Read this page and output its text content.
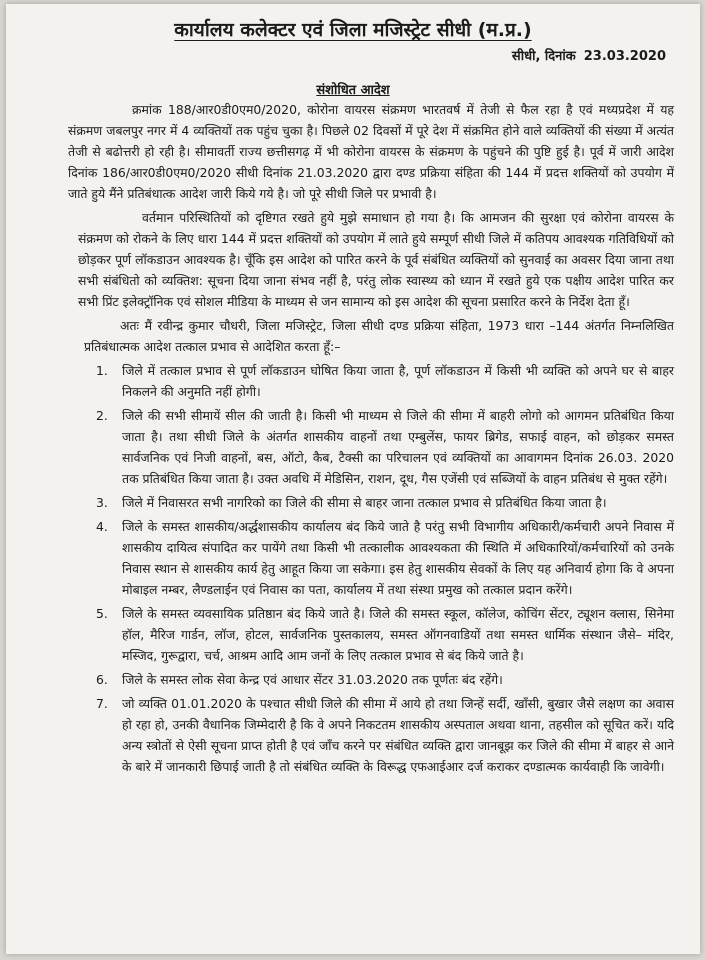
कार्यालय कलेक्टर एवं जिला मजिस्ट्रेट सीधी (म.प्र.)
सीधी, दिनांक 23.03.2020
संशोधित आदेश

क्रमांक 188/आर0डी0एम0/2020, कोरोना वायरस संक्रमण भारतवर्ष में तेजी से फैल रहा है एवं मध्यप्रदेश में यह संक्रमण जबलपुर नगर में 4 व्यक्तियों तक पहुंच चुका है। पिछले 02 दिवसों में पूरे देश में संक्रमित होने वाले व्यक्तियों की संख्या में अत्यंत तेजी से बढोत्तरी हो रही है। सीमावर्ती राज्य छत्तीसगढ़ में भी कोरोना वायरस के संक्रमण के पहुंचने की पुष्टि हुई है। पूर्व में जारी आदेश दिनांक 186/आर0डी0एम0/2020 सीधी दिनांक 21.03.2020 द्वारा दण्ड प्रक्रिया संहिता की 144 में प्रदत्त शक्तियों को उपयोग में जाते हुये मैंने प्रतिबंधात्क आदेश जारी किये गये है। जो पूरे सीधी जिले पर प्रभावी है।

वर्तमान परिस्थितियों को दृष्टिगत रखते हुये मुझे समाधान हो गया है। कि आमजन की सुरक्षा एवं कोरोना वायरस के संक्रमण को रोकने के लिए धारा 144 में प्रदत्त शक्तियों को उपयोग में लाते हुये सम्पूर्ण सीधी जिले में कतिपय आवश्यक गतिविधियों को छोड़कर पूर्ण लॉकडाउन आवश्यक है। चूँकि इस आदेश को पारित करने के पूर्व संबंधित व्यक्तियों को सुनवाई का अवसर दिया जाना तथा सभी संबंधितो को व्यक्तिश: सूचना दिया जाना संभव नहीं है, परंतु लोक स्वास्थ्य को ध्यान में रखते हुये एक पक्षीय आदेश पारित कर सभी प्रिंट इलेक्ट्रॉनिक एवं सोशल मीडिया के माध्यम से जन सामान्य को इस आदेश की सूचना प्रसारित करने के निर्देश देता हूँ।

अतः मैं रवीन्द्र कुमार चौधरी, जिला मजिस्ट्रेट, जिला सीधी दण्ड प्रक्रिया संहिता, 1973 धारा –144 अंतर्गत निम्नलिखित प्रतिबंधात्मक आदेश तत्काल प्रभाव से आदेशित करता हूँ:–

1. जिले में तत्काल प्रभाव से पूर्ण लॉकडाउन घोषित किया जाता है, पूर्ण लॉकडाउन में किसी भी व्यक्ति को अपने घर से बाहर निकलने की अनुमति नहीं होगी।
2. जिले की सभी सीमायें सील की जाती है। किसी भी माध्यम से जिले की सीमा में बाहरी लोगो को आगमन प्रतिबंधित किया जाता है। तथा सीधी जिले के अंतर्गत शासकीय वाहनों तथा एम्बुलेंस, फायर ब्रिगेड, सफाई वाहन, को छोड़कर समस्त सार्वजनिक एवं निजी वाहनों, बस, ऑटो, कैब, टैक्सी का परिचालन एवं व्यक्तियों का आवागमन दिनांक 26.03. 2020 तक प्रतिबंधित किया जाता है। उक्त अवधि में मेडिसिन, राशन, दूध, गैस एजेंसी एवं सब्जियों के वाहन प्रतिबंध से मुक्त रहेंगे।
3. जिले में निवासरत सभी नागरिको का जिले की सीमा से बाहर जाना तत्काल प्रभाव से प्रतिबंधित किया जाता है।
4. जिले के समस्त शासकीय/अर्द्धशासकीय कार्यालय बंद किये जाते है परंतु सभी विभागीय अधिकारी/कर्मचारी अपने निवास में शासकीय दायित्व संपादित कर पायेंगे तथा किसी भी तत्कालीक आवश्यकता की स्थिति में अधिकारियों/कर्मचारियों को उनके निवास स्थान से शासकीय कार्य हेतु आहूत किया जा सकेगा। इस हेतु शासकीय सेवकों के लिए यह अनिवार्य होगा कि वे अपना मोबाइल नम्बर, लैण्डलाईन एवं निवास का पता, कार्यालय में तथा संस्था प्रमुख को तत्काल प्रदान करेंगे।
5. जिले के समस्त व्यवसायिक प्रतिष्ठान बंद किये जाते है। जिले की समस्त स्कूल, कॉलेज, कोचिंग सेंटर, ट्यूशन क्लास, सिनेमा हॉल, मैरिज गार्डन, लॉज, होटल, सार्वजनिक पुस्तकालय, समस्त ऑगनवाडियों तथा समस्त धार्मिक संस्थान जैसे– मंदिर, मस्जिद, गुरूद्वारा, चर्च, आश्रम आदि आम जनों के लिए तत्काल प्रभाव से बंद किये जाते है।
6. जिले के समस्त लोक सेवा केन्द्र एवं आधार सेंटर 31.03.2020 तक पूर्णतः बंद रहेंगे।
7. जो व्यक्ति 01.01.2020 के पश्चात सीधी जिले की सीमा में आये हो तथा जिन्हें सर्दी, खाँसी, बुखार जैसे लक्षण का अवास हो रहा हो, उनकी वैधानिक जिम्मेदारी है कि वे अपने निकटतम शासकीय अस्पताल अथवा थाना, तहसील को सूचित करें। यदि अन्य स्त्रोतों से ऐसी सूचना प्राप्त होती है एवं जाँच करने पर संबंधित व्यक्ति द्वारा जानबूझ कर जिले की सीमा में बाहर से आने के बारे में जानकारी छिपाई जाती है तो संबंधित व्यक्ति के विरूद्ध एफआईआर दर्ज कराकर दण्डात्मक कार्यवाही कि जावेगी।
